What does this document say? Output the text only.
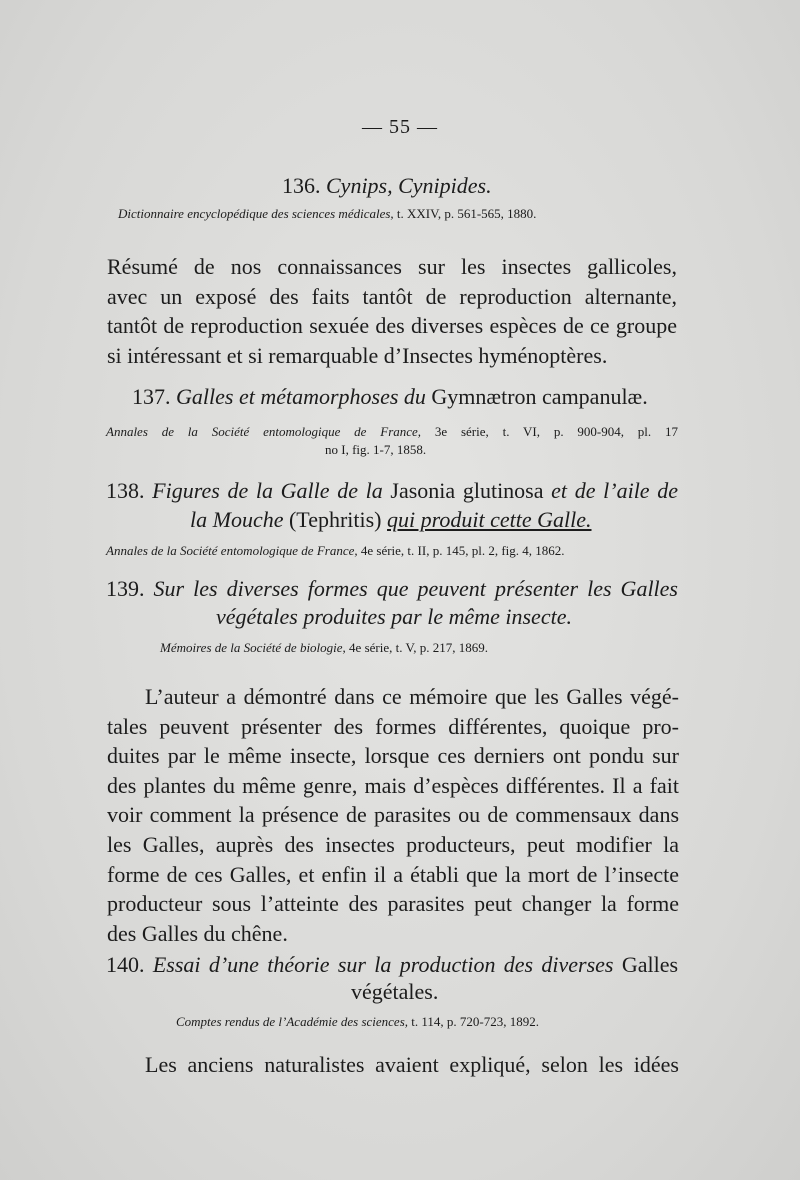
— 55 —
136. Cynips, Cynipides.
Dictionnaire encyclopédique des sciences médicales, t. XXIV, p. 561-565, 1880.
Résumé de nos connaissances sur les insectes gallicoles,
avec un exposé des faits tantôt de reproduction alternante,
tantôt de reproduction sexuée des diverses espèces de ce groupe
si intéressant et si remarquable d’Insectes hyménoptères.
137. Galles et métamorphoses du Gymnætron campanulæ.
Annales de la Société entomologique de France, 3e série, t. VI, p. 900-904, pl. 17
no I, fig. 1-7, 1858.
138. Figures de la Galle de la Jasonia glutinosa et de l’aile de
la Mouche (Tephritis) qui produit cette Galle.
Annales de la Société entomologique de France, 4e série, t. II, p. 145, pl. 2, fig. 4, 1862.
139. Sur les diverses formes que peuvent présenter les Galles
végétales produites par le même insecte.
Mémoires de la Société de biologie, 4e série, t. V, p. 217, 1869.
L’auteur a démontré dans ce mémoire que les Galles végé-
tales peuvent présenter des formes différentes, quoique pro-
duites par le même insecte, lorsque ces derniers ont pondu sur
des plantes du même genre, mais d’espèces différentes. Il a fait
voir comment la présence de parasites ou de commensaux dans
les Galles, auprès des insectes producteurs, peut modifier la
forme de ces Galles, et enfin il a établi que la mort de l’insecte
producteur sous l’atteinte des parasites peut changer la forme
des Galles du chêne.
140. Essai d’une théorie sur la production des diverses Galles
végétales.
Comptes rendus de l’Académie des sciences, t. 114, p. 720-723, 1892.
Les anciens naturalistes avaient expliqué, selon les idées
